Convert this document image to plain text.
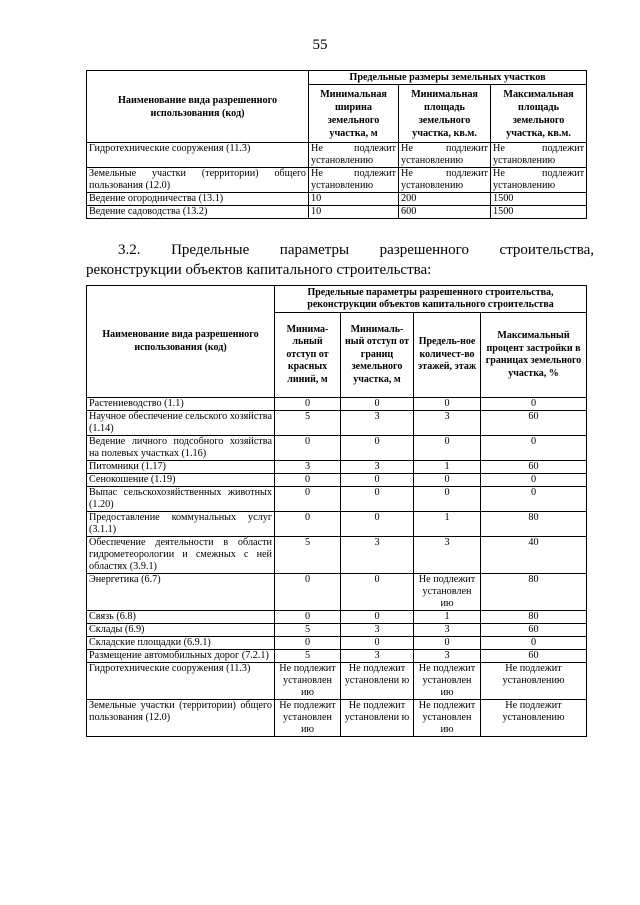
55
Наименование вида разрешенного использования (код)	Предельные размеры земельных участков		
	Минимальная ширина земельного участка, м	Минимальная площадь земельного участка, кв.м.	Максимальная площадь земельного участка, кв.м.
Гидротехнические сооружения (11.3)	Не подлежит установлению	Не подлежит установлению	Не подлежит установлению
Земельные участки (территории) общего пользования (12.0)	Не подлежит установлению	Не подлежит установлению	Не подлежит установлению
Ведение огородничества (13.1)	10	200	1500
Ведение садоводства (13.2)	10	600	1500
3.2. Предельные параметры разрешенного строительства,
реконструкции объектов капитального строительства:
Наименование вида разрешенного использования (код)	Предельные параметры разрешенного строительства, реконструкции объектов капитального строительства			
	Минима-льный отступ от красных линий, м	Минималь-ный отступ от границ земельного участка, м	Предель-ное количест-во этажей, этаж	Максимальный процент застройки в границах земельного участка, %
Растениеводство (1.1)	0	0	0	0
Научное обеспечение сельского хозяйства (1.14)	5	3	3	60
Ведение личного подсобного хозяйства на полевых участках (1.16)	0	0	0	0
Питомники (1.17)	3	3	1	60
Сенокошение (1.19)	0	0	0	0
Выпас сельскохозяйственных животных (1.20)	0	0	0	0
Предоставление коммунальных услуг (3.1.1)	0	0	1	80
Обеспечение деятельности в области гидрометеорологии и смежных с ней областях (3.9.1)	5	3	3	40
Энергетика (6.7)	0	0	Не подлежит установлен ию	80
Связь (6.8)	0	0	1	80
Склады (6.9)	5	3	3	60
Складские площадки (6.9.1)	0	0	0	0
Размещение автомобильных дорог (7.2.1)	5	3	3	60
Гидротехнические сооружения (11.3)	Не подлежит установлен ию	Не подлежит установлени ю	Не подлежит установлен ию	Не подлежит установлению
Земельные участки (территории) общего пользования (12.0)	Не подлежит установлен ию	Не подлежит установлени ю	Не подлежит установлен ию	Не подлежит установлению
